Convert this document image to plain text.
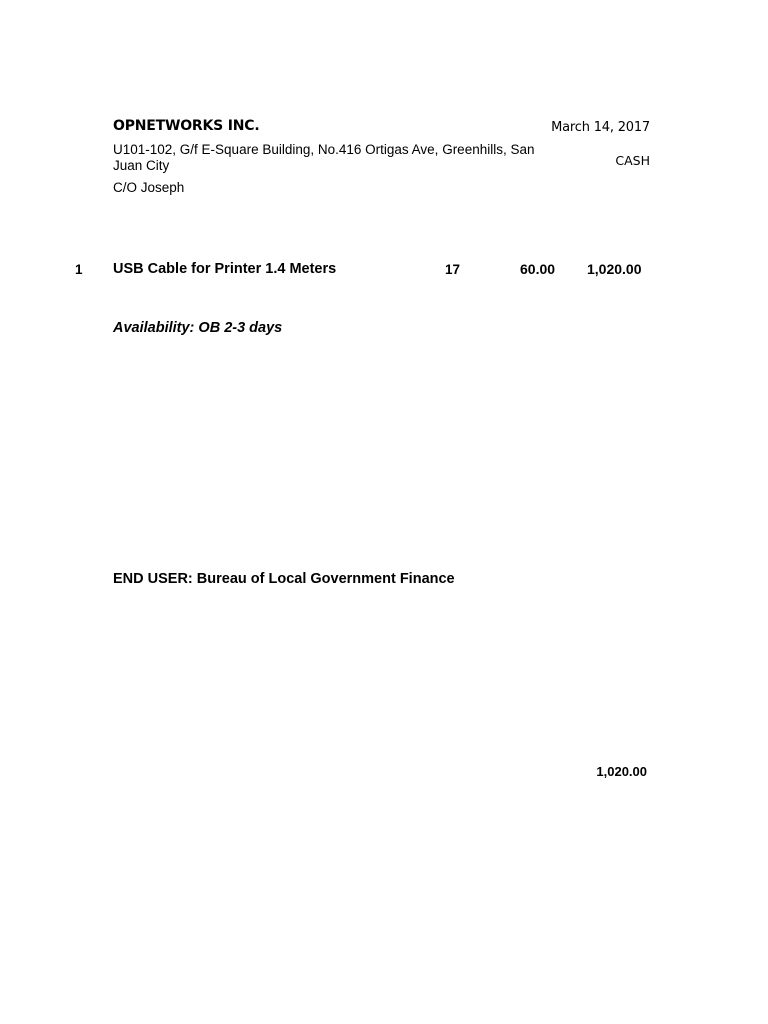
OPNETWORKS INC.	March 14, 2017
U101-102, G/f E-Square Building, No.416 Ortigas Ave, Greenhills, San Juan City	CASH
C/O Joseph
1 USB Cable for Printer 1.4 Meters	17	60.00 1,020.00
Availability: OB 2-3 days
END USER: Bureau of Local Government Finance
1,020.00
